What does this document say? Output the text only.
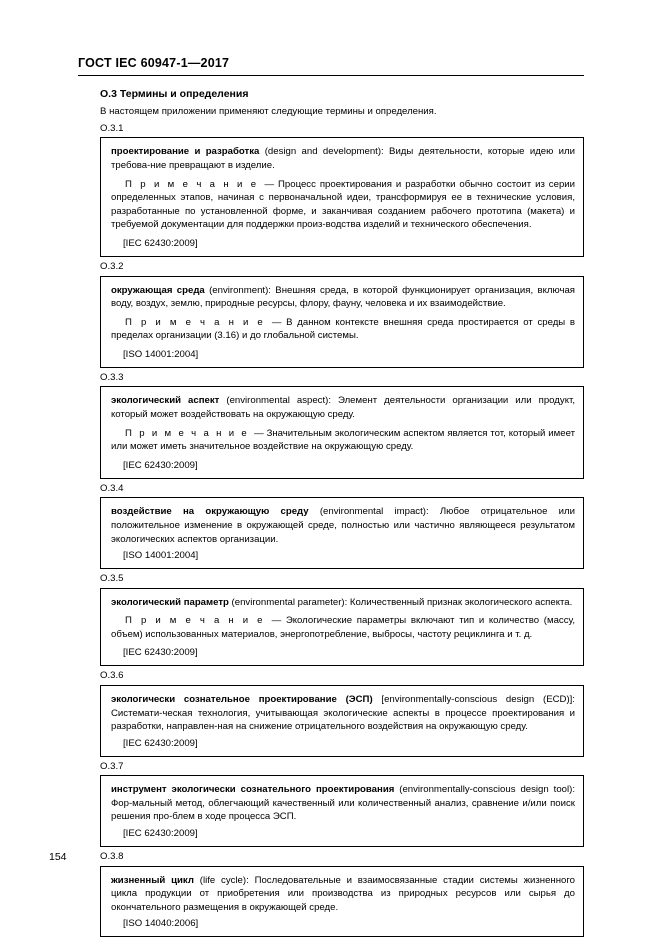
ГОСТ IEC 60947-1—2017
О.3 Термины и определения
В настоящем приложении применяют следующие термины и определения.
О.3.1

проектирование и разработка (design and development): Виды деятельности, которые идею или требова-ние превращают в изделие.

П р и м е ч а н и е — Процесс проектирования и разработки обычно состоит из серии определенных этапов, начиная с первоначальной идеи, трансформируя ее в технические условия, разработанные по установленной форме, и заканчивая созданием рабочего прототипа (макета) и требуемой документации для поддержки произ-водства изделий и технического обеспечения.

[IEC 62430:2009]

О.3.2

окружающая среда (environment): Внешняя среда, в которой функционирует организация, включая воду, воздух, землю, природные ресурсы, флору, фауну, человека и их взаимодействие.

П р и м е ч а н и е — В данном контексте внешняя среда простирается от среды в пределах организации (3.16) и до глобальной системы.

[ISO 14001:2004]

О.3.3

экологический аспект (environmental aspect): Элемент деятельности организации или продукт, который может воздействовать на окружающую среду.

П р и м е ч а н и е — Значительным экологическим аспектом является тот, который имеет или может иметь значительное воздействие на окружающую среду.

[IEC 62430:2009]

О.3.4

воздействие на окружающую среду (environmental impact): Любое отрицательное или положительное изменение в окружающей среде, полностью или частично являющееся результатом экологических аспектов организации.

[ISO 14001:2004]

О.3.5

экологический параметр (environmental parameter): Количественный признак экологического аспекта.

П р и м е ч а н и е — Экологические параметры включают тип и количество (массу, объем) использованных материалов, энергопотребление, выбросы, частоту рециклинга и т. д.

[IEC 62430:2009]

О.3.6

экологически сознательное проектирование (ЭСП) [environmentally-conscious design (ECD)]: Системати-ческая технология, учитывающая экологические аспекты в процессе проектирования и разработки, направлен-ная на снижение отрицательного воздействия на окружающую среду.

[IEC 62430:2009]

О.3.7

инструмент экологически сознательного проектирования (environmentally-conscious design tool): Фор-мальный метод, облегчающий качественный или количественный анализ, сравнение и/или поиск решения про-блем в ходе процесса ЭСП.

[IEC 62430:2009]

О.3.8

жизненный цикл (life cycle): Последовательные и взаимосвязанные стадии системы жизненного цикла продукции от приобретения или производства из природных ресурсов или сырья до окончательного размещения в окружающей среде.

[ISO 14040:2006]

154
